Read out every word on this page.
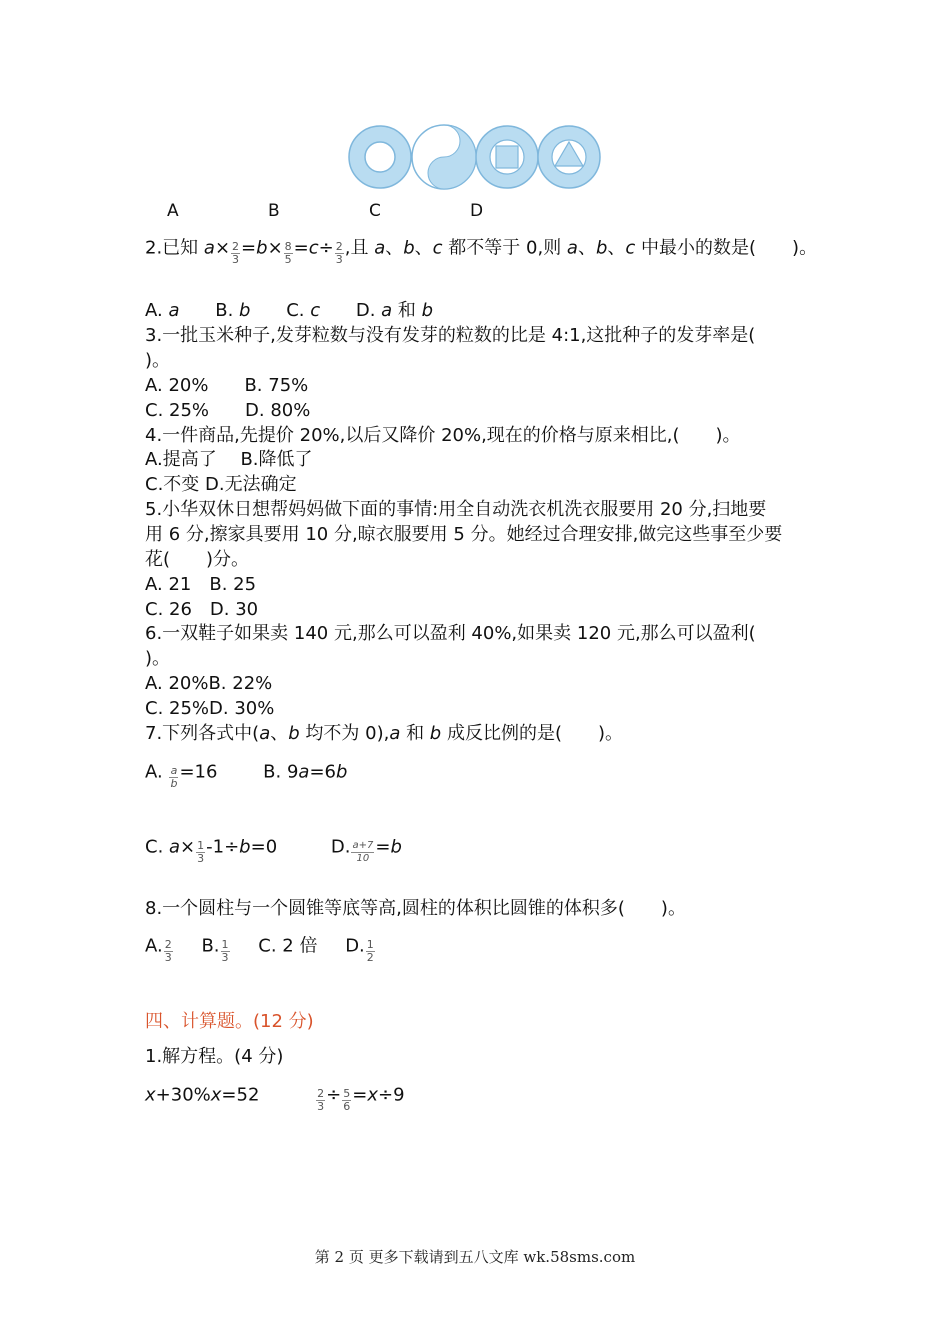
A	B	C	D
2.已知 $a\times \frac{2}{3} =b\times \frac{8}{5} =c\div \frac{2}{3}$ ,且 a、b、c 都不等于 0,则 a、b、c 中最小的数是(　　)。
A. a B. b C. c D. a 和 b
3.一批玉米种子,发芽粒数与没有发芽的粒数的比是 4:1,这批种子的发芽率是(
)。
A. 20%　　B. 75%
C. 25%　　D. 80%
4.一件商品,先提价 20%,以后又降价 20%,现在的价格与原来相比,(　　)。
A.提高了　 B.降低了
C.不变 D.无法确定
5.小华双休日想帮妈妈做下面的事情:用全自动洗衣机洗衣服要用 20 分,扫地要
用 6 分,擦家具要用 10 分,晾衣服要用 5 分。她经过合理安排,做完这些事至少要
花(　　)分。
A. 21　B. 25
C. 26　D. 30
6.一双鞋子如果卖 140 元,那么可以盈利 40%,如果卖 120 元,那么可以盈利(
)。
A. 20%B. 22%
C. 25%D. 30%
7.下列各式中(a、b 均不为 0),a 和 b 成反比例的是(　　)。
A. $\frac{a}{b} =16$	B. 9a=6b
C. $a\times \frac{1}{3} -1\div b=0$	D. $\frac{a+7}{10} =b$
8.一个圆柱与一个圆锥等底等高,圆柱的体积比圆锥的体积多(　　)。
A. $\frac{2}{3} B$. $\frac{1}{3} C$. 2 倍 D. $\frac{1}{2}$
四、计算题。(12 分)
1.解方程。(4 分)
x+30%x=52	$\frac{2}{3} \div \frac{5}{6} =x\div 9$
第 2 页 更多下载请到五八文库 wk.58sms.com
